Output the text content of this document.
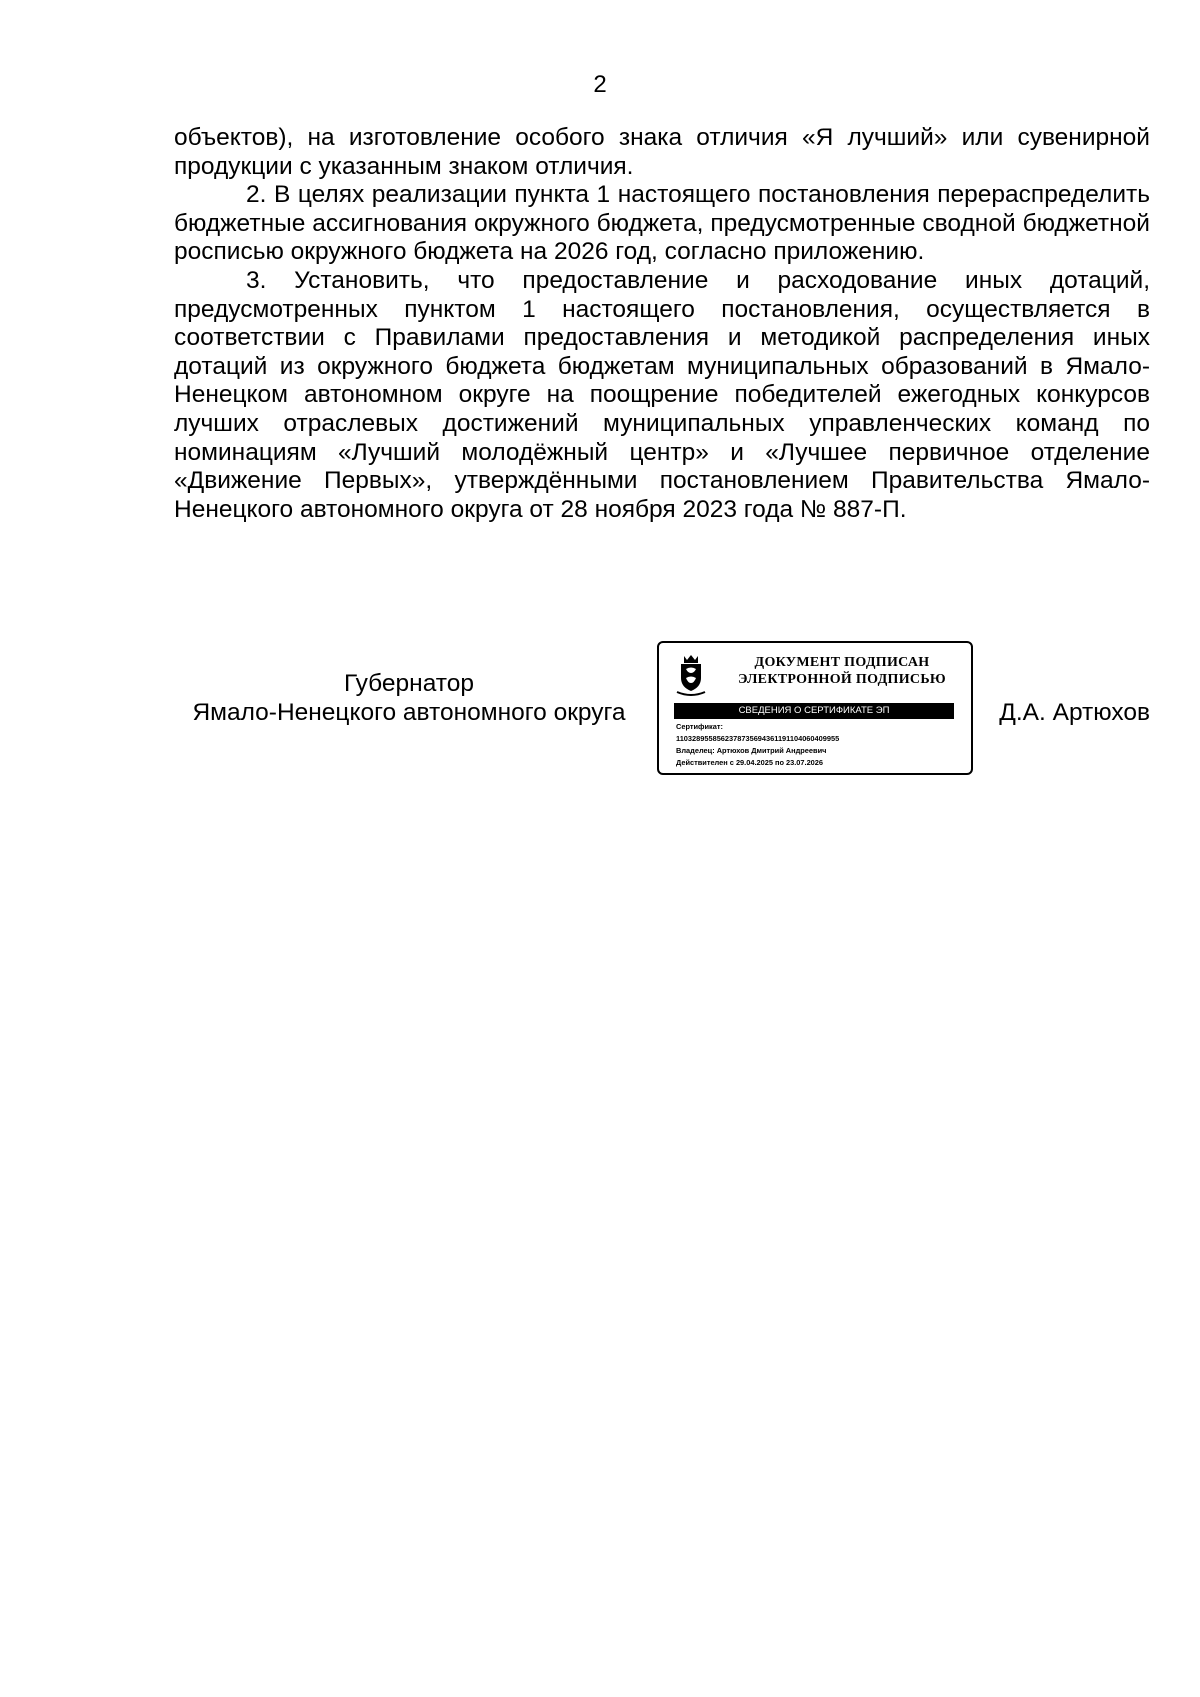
2

объектов), на изготовление особого знака отличия «Я лучший» или сувенирной продукции с указанным знаком отличия.

2. В целях реализации пункта 1 настоящего постановления перераспределить бюджетные ассигнования окружного бюджета, предусмотренные сводной бюджетной росписью окружного бюджета на 2026 год, согласно приложению.

3. Установить, что предоставление и расходование иных дотаций, предусмотренных пунктом 1 настоящего постановления, осуществляется в соответствии с Правилами предоставления и методикой распределения иных дотаций из окружного бюджета бюджетам муниципальных образований в Ямало-Ненецком автономном округе на поощрение победителей ежегодных конкурсов лучших отраслевых достижений муниципальных управленческих команд по номинациям «Лучший молодёжный центр» и «Лучшее первичное отделение «Движение Первых», утверждёнными постановлением Правительства Ямало-Ненецкого автономного округа от 28 ноября 2023 года № 887-П.

Губернатор
Ямало-Ненецкого автономного округа
ДОКУМЕНТ ПОДПИСАН
ЭЛЕКТРОННОЙ ПОДПИСЬЮ
СВЕДЕНИЯ О СЕРТИФИКАТЕ ЭП
Сертификат:
1103289558562378735694361191104060409955
Владелец: Артюхов Дмитрий Андреевич
Действителен с 29.04.2025 по 23.07.2026
Д.А. Артюхов
